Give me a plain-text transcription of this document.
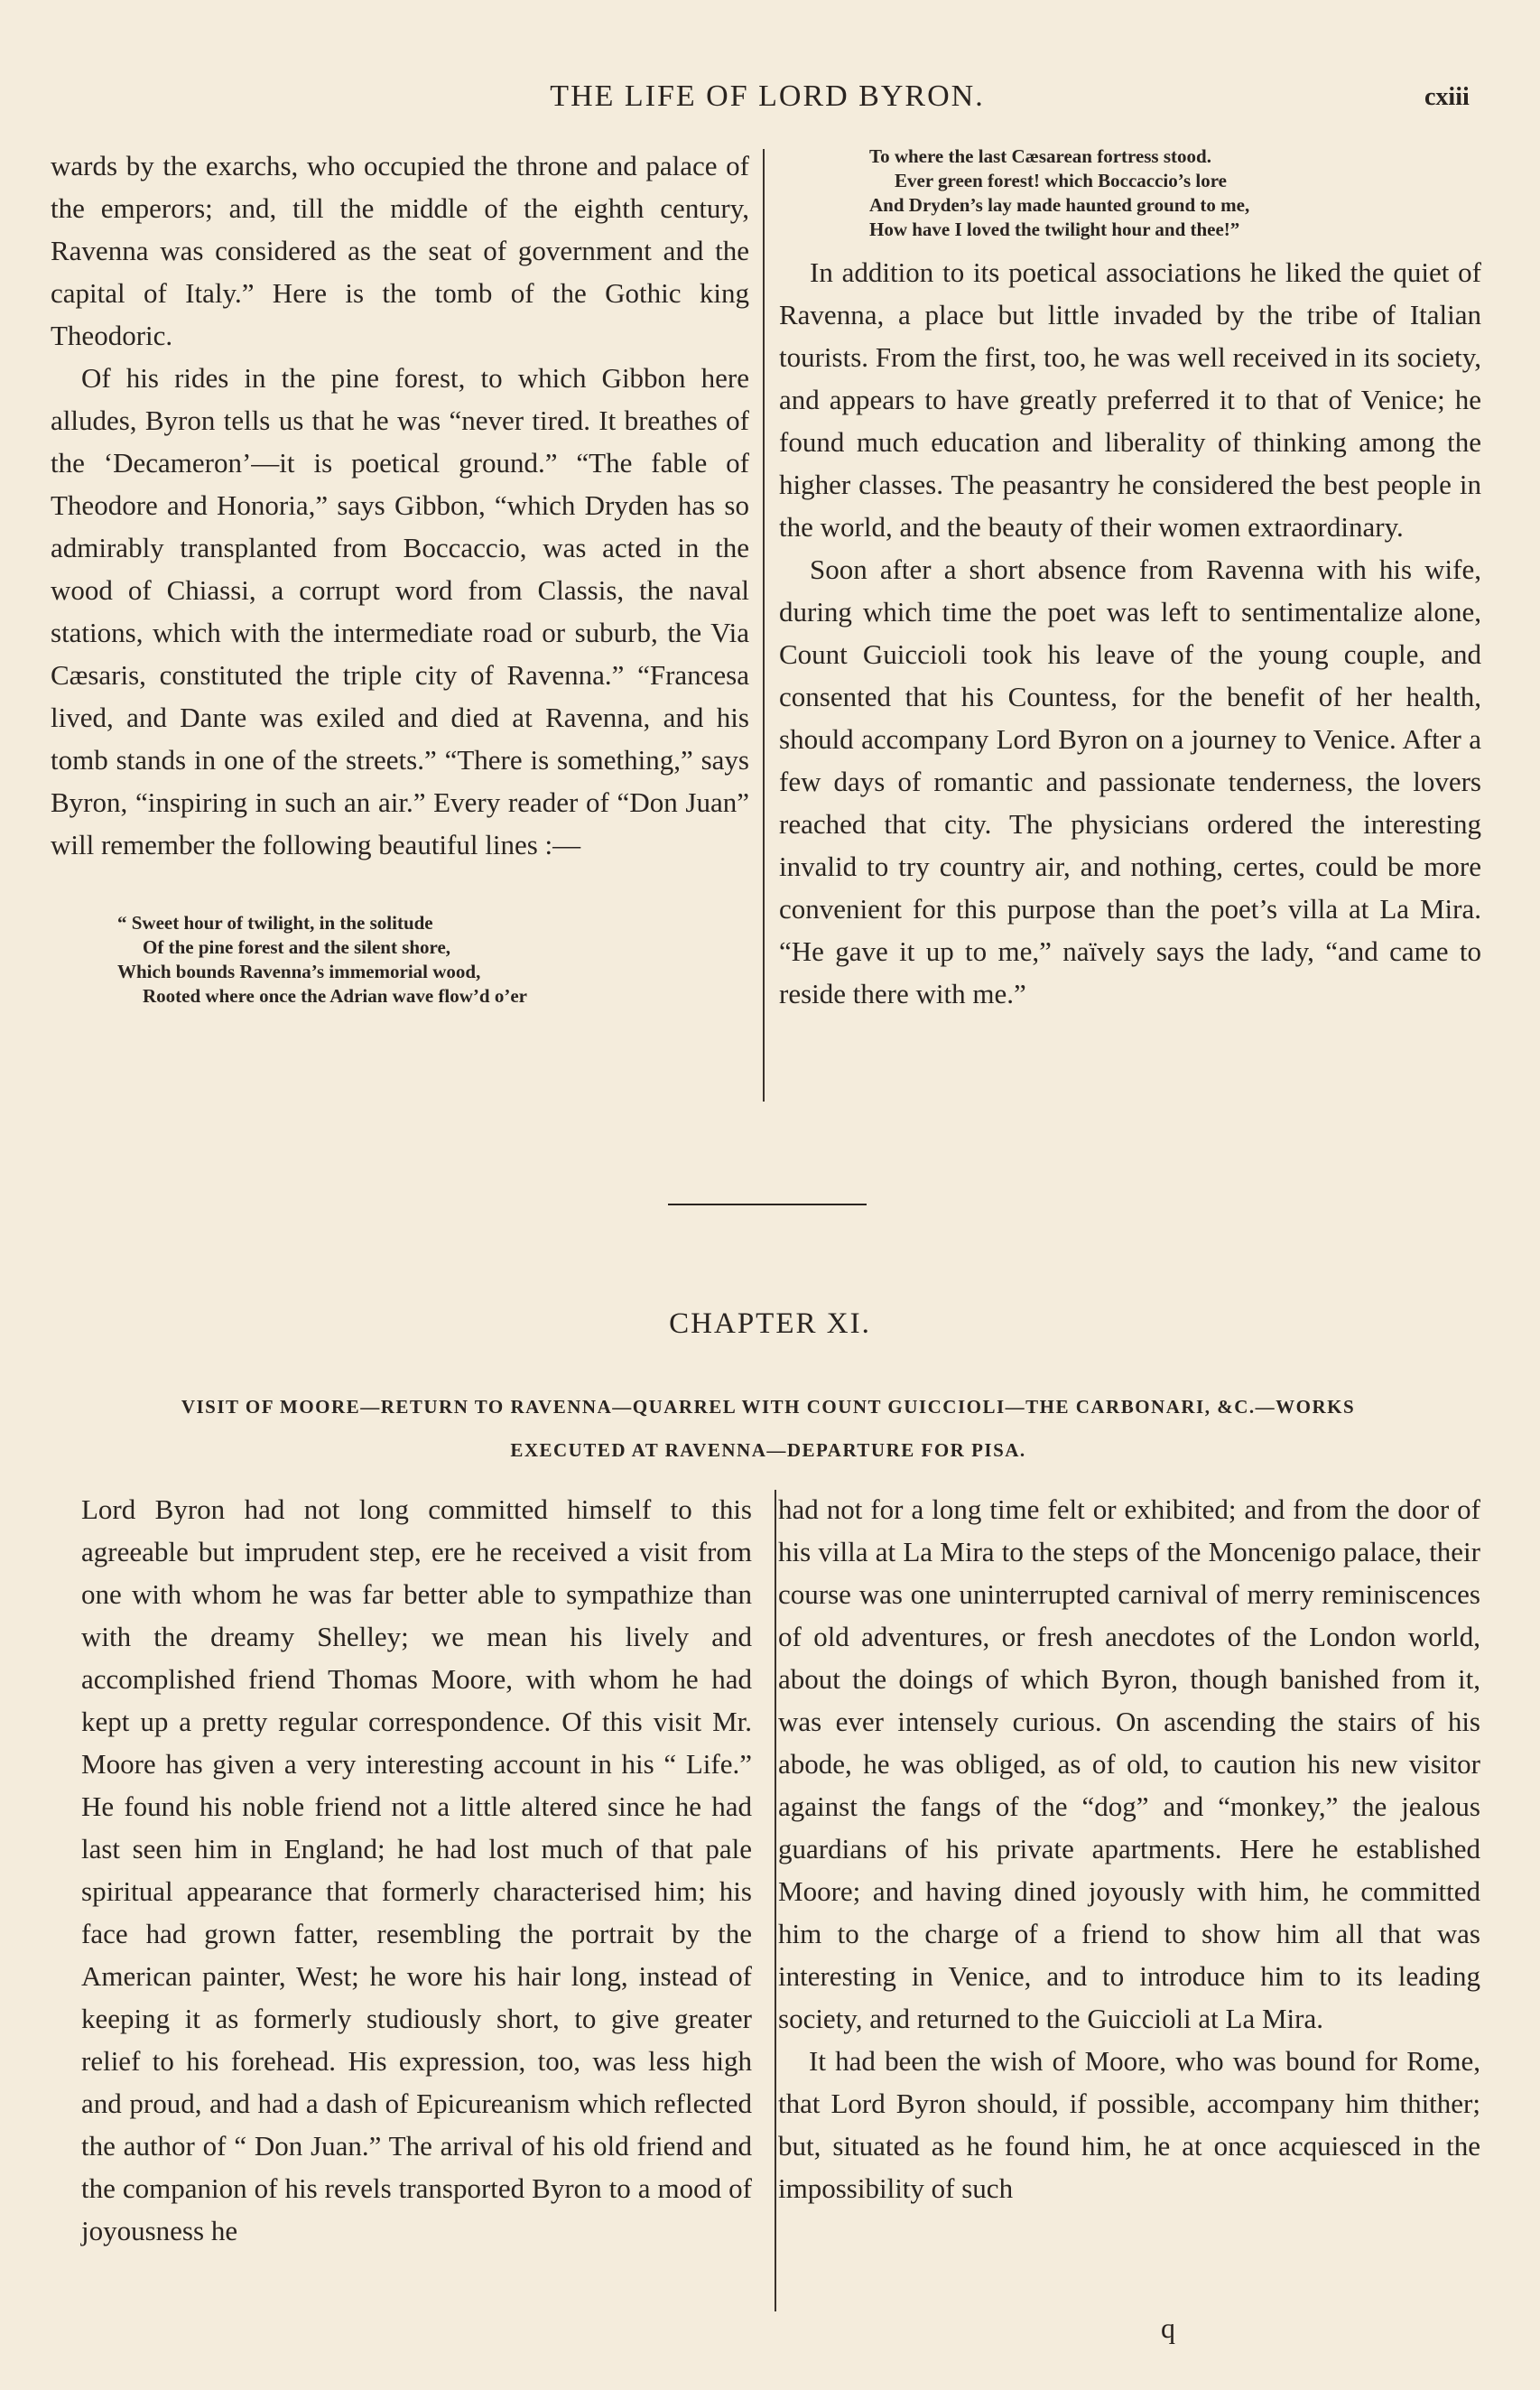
THE LIFE OF LORD BYRON.	cxiii

wards by the exarchs, who occupied the throne and palace of the emperors; and, till the middle of the eighth century, Ravenna was considered as the seat of government and the capital of Italy.” Here is the tomb of the Gothic king Theodoric.

Of his rides in the pine forest, to which Gibbon here alludes, Byron tells us that he was “never tired. It breathes of the ‘Decameron’—it is poetical ground.” “The fable of Theodore and Honoria,” says Gibbon, “which Dryden has so admirably transplanted from Boccaccio, was acted in the wood of Chiassi, a corrupt word from Classis, the naval stations, which with the intermediate road or suburb, the Via Cæsaris, constituted the triple city of Ravenna.” “Francesa lived, and Dante was exiled and died at Ravenna, and his tomb stands in one of the streets.” “There is something,” says Byron, “inspiring in such an air.” Every reader of “Don Juan” will remember the following beautiful lines :—

“ Sweet hour of twilight, in the solitude
Of the pine forest and the silent shore,
Which bounds Ravenna’s immemorial wood,
Rooted where once the Adrian wave flow’d o’er
To where the last Cæsarean fortress stood.
Ever green forest! which Boccaccio’s lore
And Dryden’s lay made haunted ground to me,
How have I loved the twilight hour and thee!”

In addition to its poetical associations he liked the quiet of Ravenna, a place but little invaded by the tribe of Italian tourists. From the first, too, he was well received in its society, and appears to have greatly preferred it to that of Venice; he found much education and liberality of thinking among the higher classes. The peasantry he considered the best people in the world, and the beauty of their women extraordinary.

Soon after a short absence from Ravenna with his wife, during which time the poet was left to sentimentalize alone, Count Guiccioli took his leave of the young couple, and consented that his Countess, for the benefit of her health, should accompany Lord Byron on a journey to Venice. After a few days of romantic and passionate tenderness, the lovers reached that city. The physicians ordered the interesting invalid to try country air, and nothing, certes, could be more convenient for this purpose than the poet’s villa at La Mira. “He gave it up to me,” naïvely says the lady, “and came to reside there with me.”

CHAPTER XI.
VISIT OF MOORE—RETURN TO RAVENNA—QUARREL WITH COUNT GUICCIOLI—THE CARBONARI, &C.—WORKS
EXECUTED AT RAVENNA—DEPARTURE FOR PISA.

Lord Byron had not long committed himself to this agreeable but imprudent step, ere he received a visit from one with whom he was far better able to sympathize than with the dreamy Shelley; we mean his lively and accomplished friend Thomas Moore, with whom he had kept up a pretty regular correspondence. Of this visit Mr. Moore has given a very interesting account in his “ Life.” He found his noble friend not a little altered since he had last seen him in England; he had lost much of that pale spiritual appearance that formerly characterised him; his face had grown fatter, resembling the portrait by the American painter, West; he wore his hair long, instead of keeping it as formerly studiously short, to give greater relief to his forehead. His expression, too, was less high and proud, and had a dash of Epicureanism which reflected the author of “ Don Juan.” The arrival of his old friend and the companion of his revels transported Byron to a mood of joyousness he

had not for a long time felt or exhibited; and from the door of his villa at La Mira to the steps of the Moncenigo palace, their course was one uninterrupted carnival of merry reminiscences of old adventures, or fresh anecdotes of the London world, about the doings of which Byron, though banished from it, was ever intensely curious. On ascending the stairs of his abode, he was obliged, as of old, to caution his new visitor against the fangs of the “dog” and “monkey,” the jealous guardians of his private apartments. Here he established Moore; and having dined joyously with him, he committed him to the charge of a friend to show him all that was interesting in Venice, and to introduce him to its leading society, and returned to the Guiccioli at La Mira.

It had been the wish of Moore, who was bound for Rome, that Lord Byron should, if possible, accompany him thither; but, situated as he found him, he at once acquiesced in the impossibility of such

q
